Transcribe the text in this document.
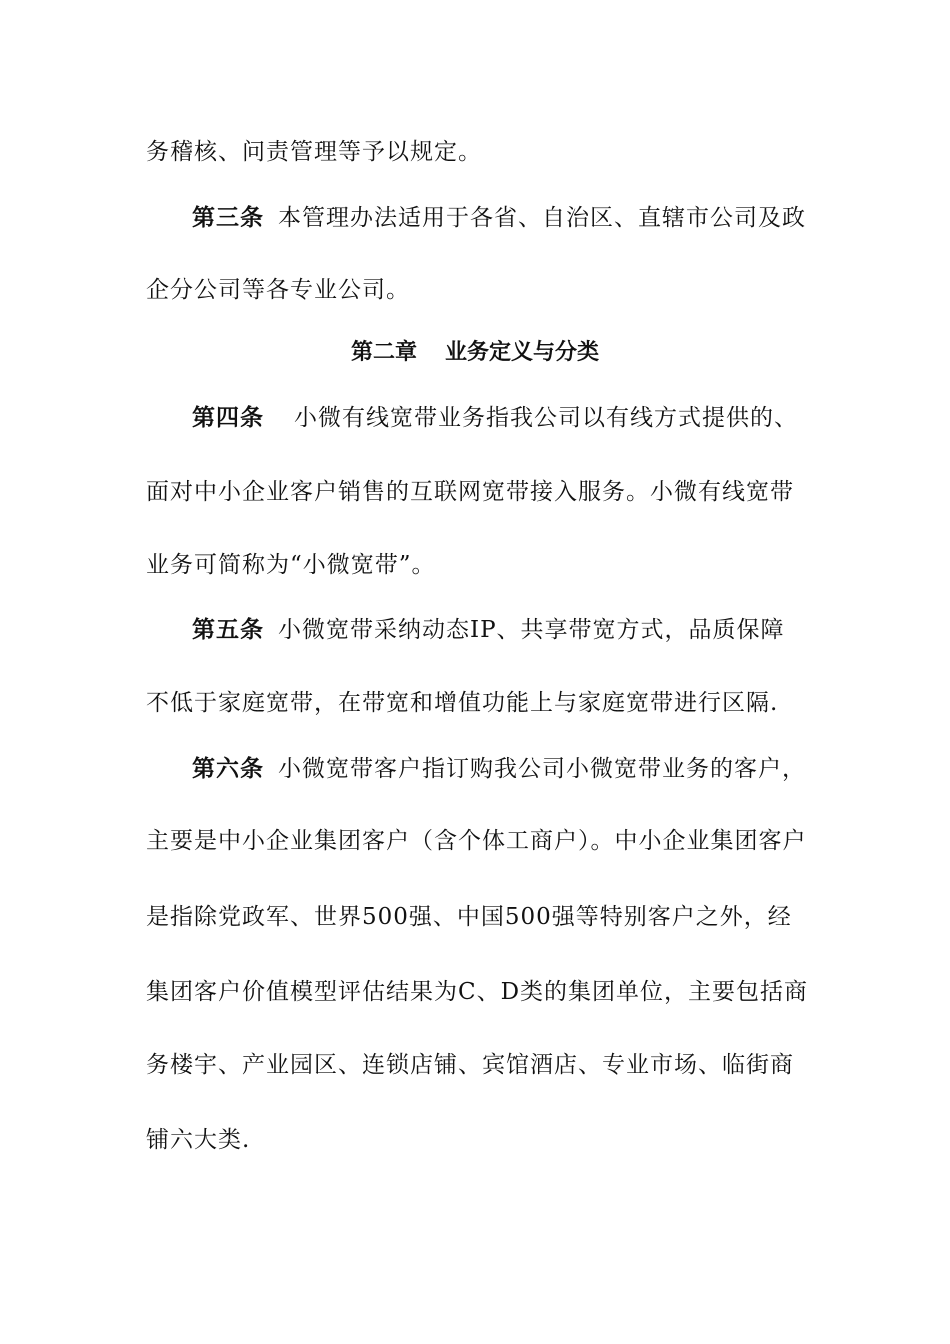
务稽核、问责管理等予以规定。
第三条 本管理办法适用于各省、自治区、直辖市公司及政
企分公司等各专业公司。
第二章 业务定义与分类
第四条 小微有线宽带业务指我公司以有线方式提供的、
面对中小企业客户销售的互联网宽带接入服务。小微有线宽带
业务可简称为“小微宽带”。
第五条 小微宽带采纳动态IP、共享带宽方式，品质保障
不低于家庭宽带，在带宽和增值功能上与家庭宽带进行区隔.
第六条 小微宽带客户指订购我公司小微宽带业务的客户，
主要是中小企业集团客户（含个体工商户）。中小企业集团客户
是指除党政军、世界500强、中国500强等特别客户之外，经
集团客户价值模型评估结果为C、D类的集团单位，主要包括商
务楼宇、产业园区、连锁店铺、宾馆酒店、专业市场、临街商
铺六大类.
